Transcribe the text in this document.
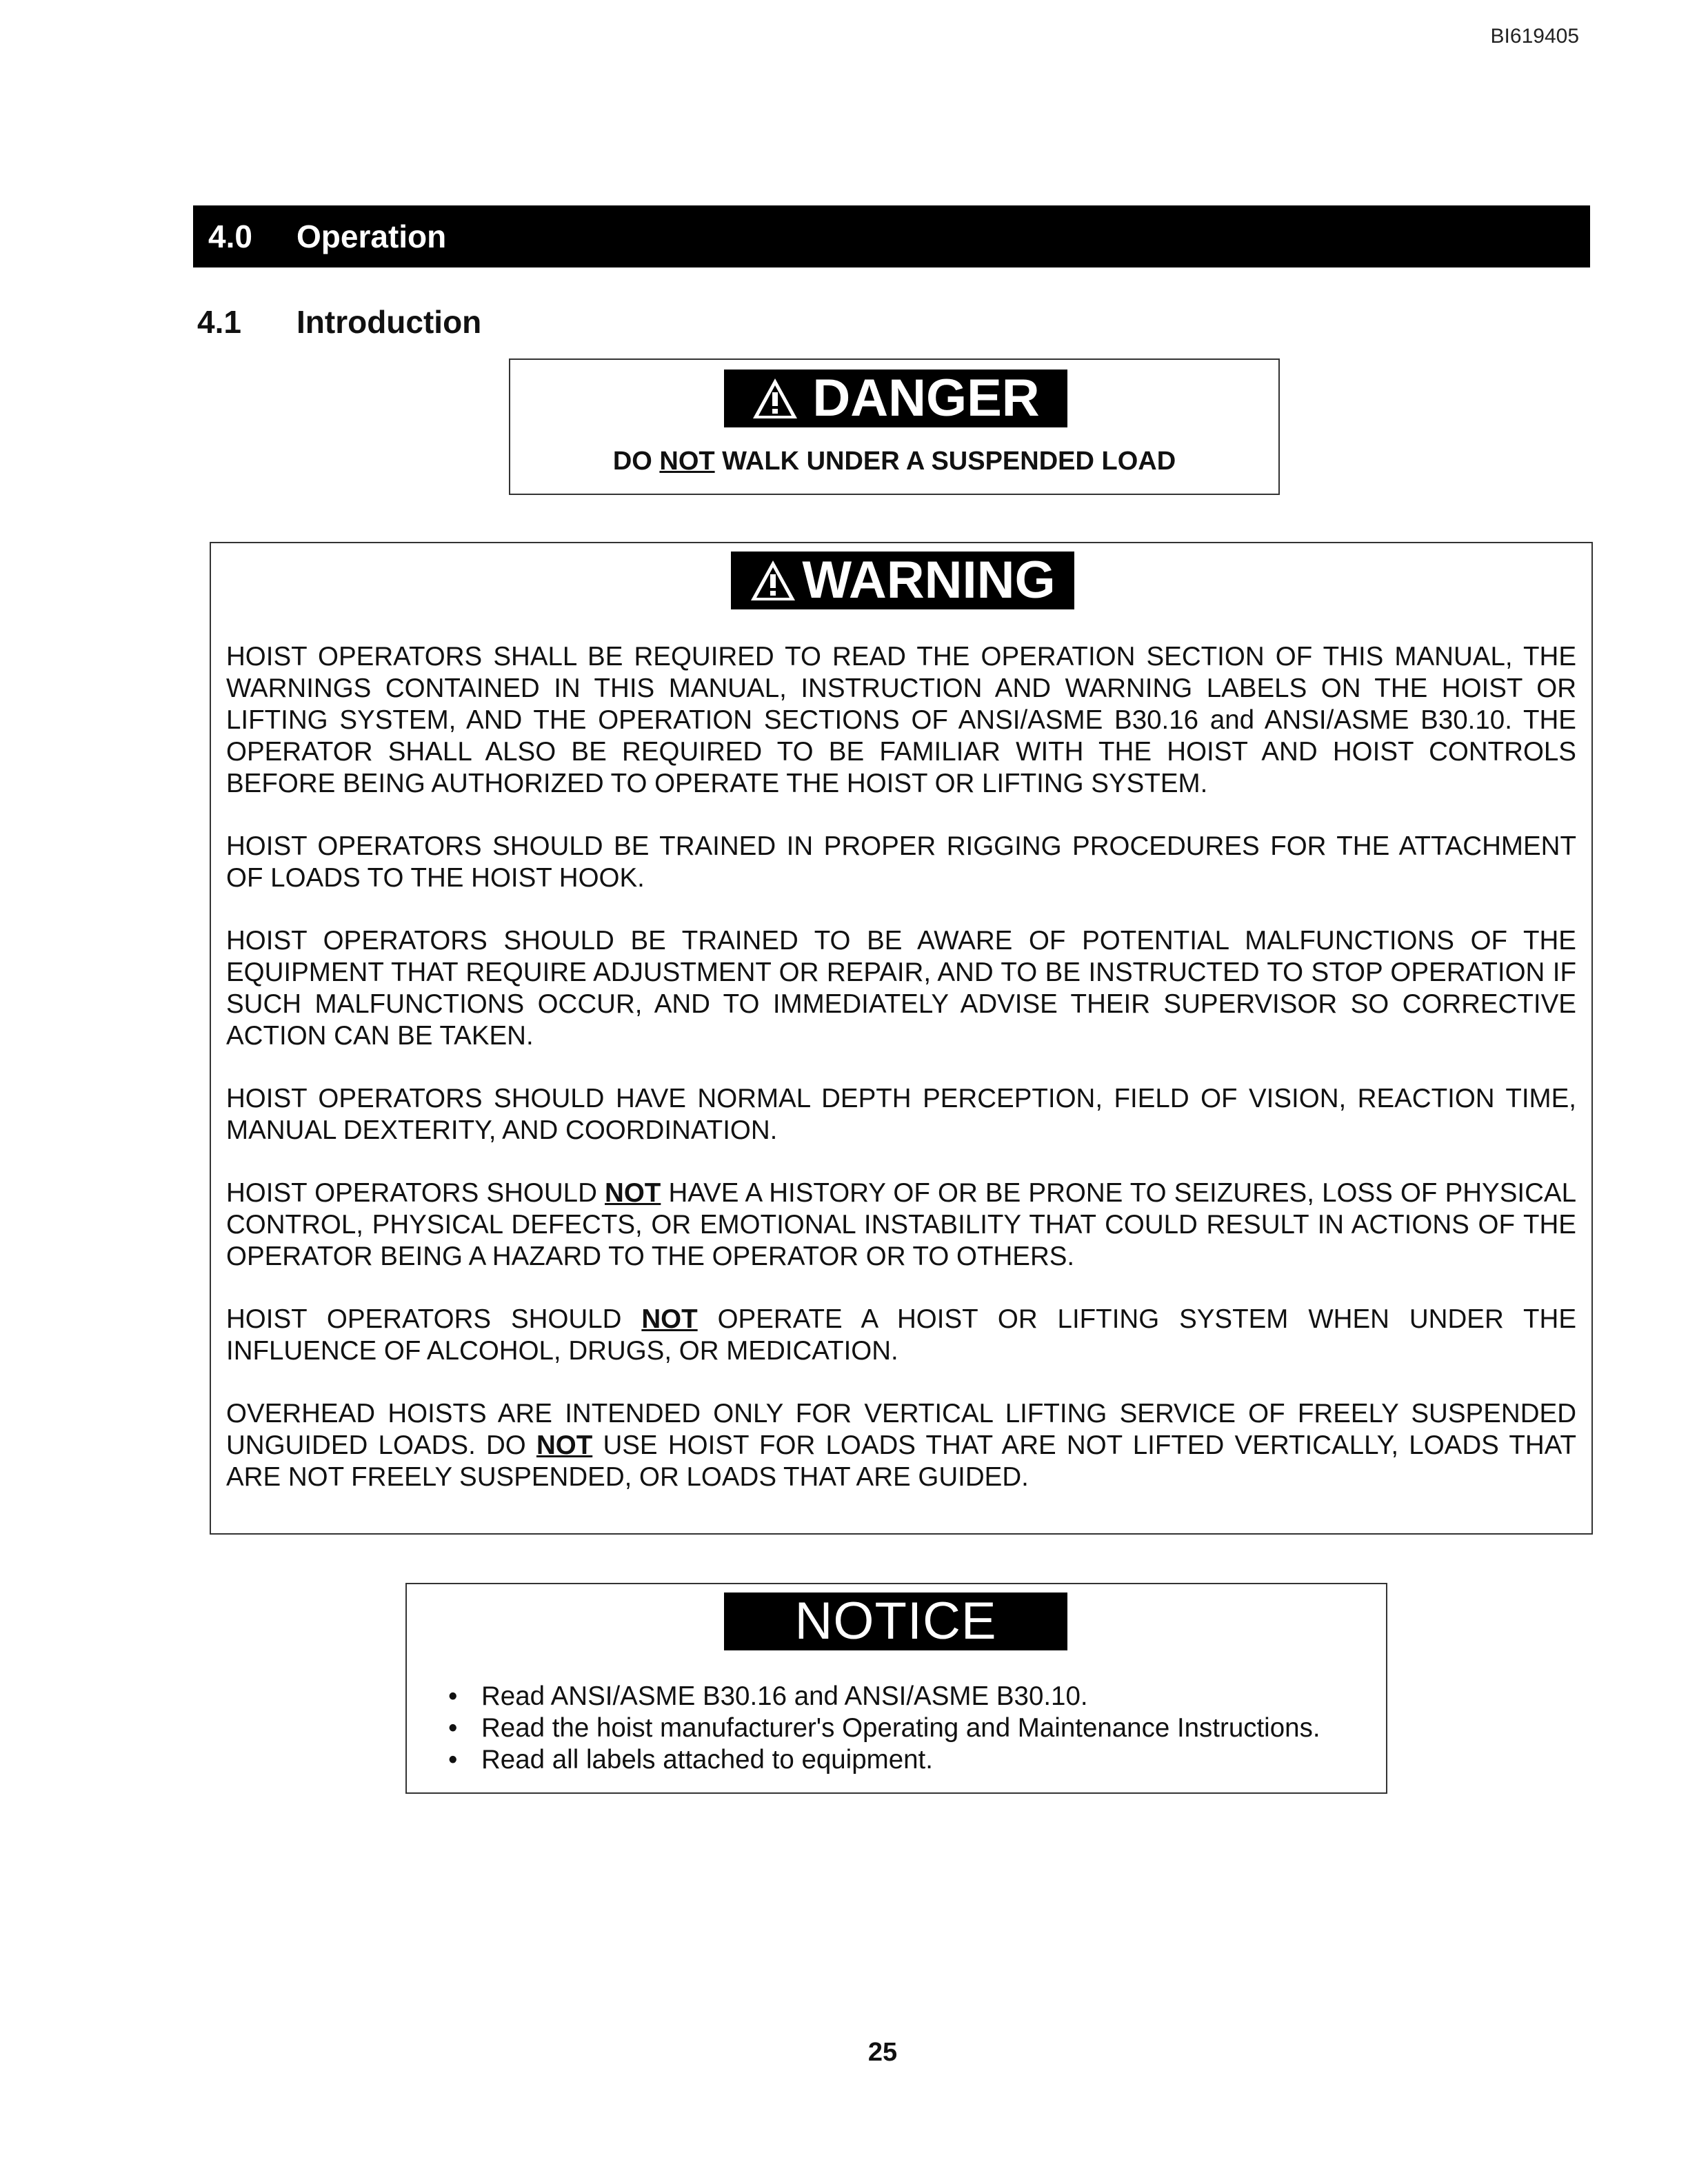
BI619405
4.0	Operation
4.1	Introduction
DANGER
DO NOT WALK UNDER A SUSPENDED LOAD
WARNING

HOIST OPERATORS SHALL BE REQUIRED TO READ THE OPERATION SECTION OF THIS MANUAL, THE WARNINGS CONTAINED IN THIS MANUAL, INSTRUCTION AND WARNING LABELS ON THE HOIST OR LIFTING SYSTEM, AND THE OPERATION SECTIONS OF ANSI/ASME B30.16 and ANSI/ASME B30.10. THE OPERATOR SHALL ALSO BE REQUIRED TO BE FAMILIAR WITH THE HOIST AND HOIST CONTROLS BEFORE BEING AUTHORIZED TO OPERATE THE HOIST OR LIFTING SYSTEM.

HOIST OPERATORS SHOULD BE TRAINED IN PROPER RIGGING PROCEDURES FOR THE ATTACHMENT OF LOADS TO THE HOIST HOOK.

HOIST OPERATORS SHOULD BE TRAINED TO BE AWARE OF POTENTIAL MALFUNCTIONS OF THE EQUIPMENT THAT REQUIRE ADJUSTMENT OR REPAIR, AND TO BE INSTRUCTED TO STOP OPERATION IF SUCH MALFUNCTIONS OCCUR, AND TO IMMEDIATELY ADVISE THEIR SUPERVISOR SO CORRECTIVE ACTION CAN BE TAKEN.

HOIST OPERATORS SHOULD HAVE NORMAL DEPTH PERCEPTION, FIELD OF VISION, REACTION TIME, MANUAL DEXTERITY, AND COORDINATION.

HOIST OPERATORS SHOULD NOT HAVE A HISTORY OF OR BE PRONE TO SEIZURES, LOSS OF PHYSICAL CONTROL, PHYSICAL DEFECTS, OR EMOTIONAL INSTABILITY THAT COULD RESULT IN ACTIONS OF THE OPERATOR BEING A HAZARD TO THE OPERATOR OR TO OTHERS.

HOIST OPERATORS SHOULD NOT OPERATE A HOIST OR LIFTING SYSTEM WHEN UNDER THE INFLUENCE OF ALCOHOL, DRUGS, OR MEDICATION.

OVERHEAD HOISTS ARE INTENDED ONLY FOR VERTICAL LIFTING SERVICE OF FREELY SUSPENDED UNGUIDED LOADS. DO NOT USE HOIST FOR LOADS THAT ARE NOT LIFTED VERTICALLY, LOADS THAT ARE NOT FREELY SUSPENDED, OR LOADS THAT ARE GUIDED.

NOTICE
• Read ANSI/ASME B30.16 and ANSI/ASME B30.10.
• Read the hoist manufacturer's Operating and Maintenance Instructions.
• Read all labels attached to equipment.
25
